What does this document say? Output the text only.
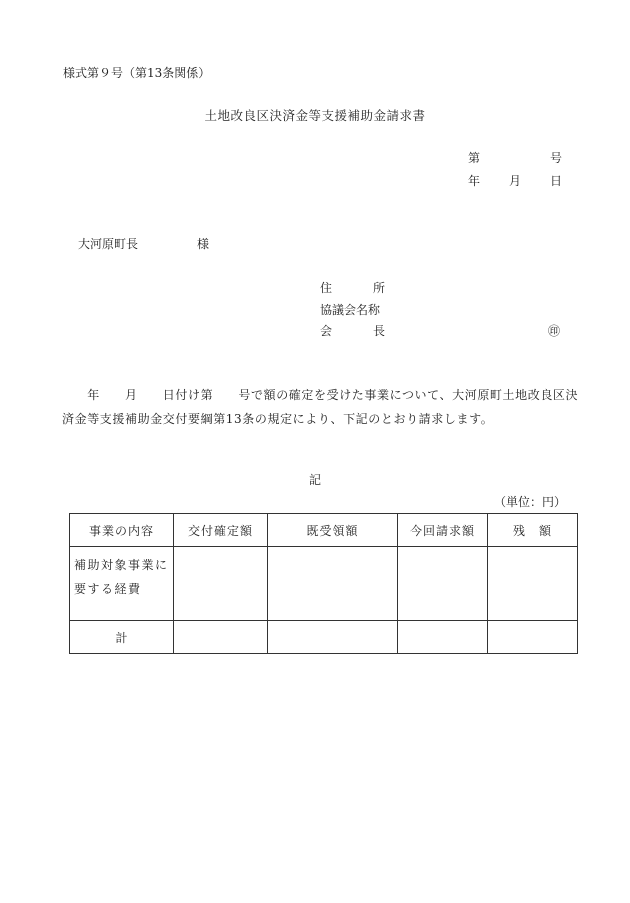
様式第９号（第13条関係）
土地改良区決済金等支援補助金請求書
第	号
年 月 日
大河原町長	様
住	所
協議会名称
会	長	㊞
　　年　　月　　日付け第　　号で額の確定を受けた事業について、大河原町土地改良区決済金等支援補助金交付要綱第13条の規定により、下記のとおり請求します。
記
（単位：円）
事業の内容	交付確定額	既受領額	今回請求額	残　額
補助対象事業に要する経費				
計				
